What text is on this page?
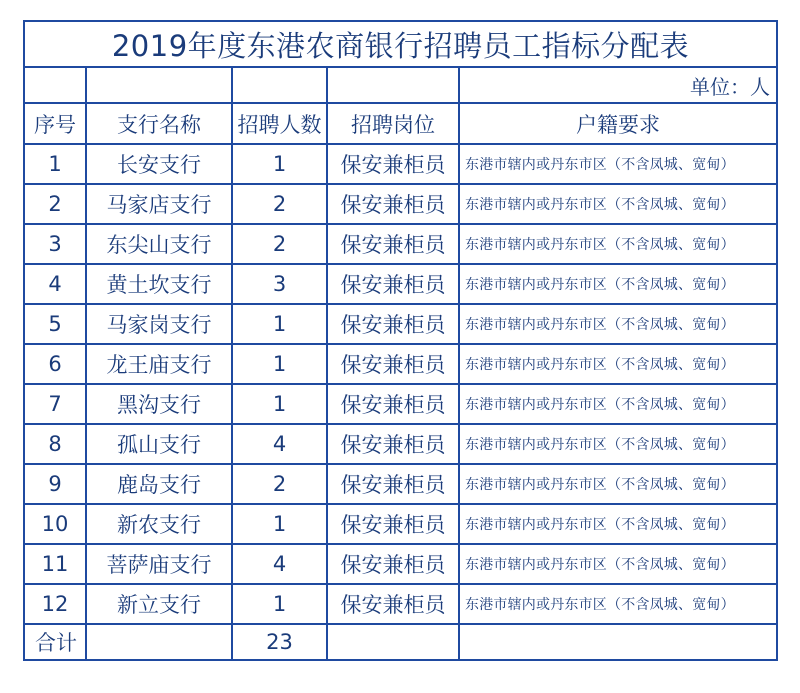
2019年度东港农商银行招聘员工指标分配表				
				单位：人
序号	支行名称	招聘人数	招聘岗位	户籍要求
1	长安支行	1	保安兼柜员	东港市辖内或丹东市区（不含凤城、宽甸）
2	马家店支行	2	保安兼柜员	东港市辖内或丹东市区（不含凤城、宽甸）
3	东尖山支行	2	保安兼柜员	东港市辖内或丹东市区（不含凤城、宽甸）
4	黄土坎支行	3	保安兼柜员	东港市辖内或丹东市区（不含凤城、宽甸）
5	马家岗支行	1	保安兼柜员	东港市辖内或丹东市区（不含凤城、宽甸）
6	龙王庙支行	1	保安兼柜员	东港市辖内或丹东市区（不含凤城、宽甸）
7	黑沟支行	1	保安兼柜员	东港市辖内或丹东市区（不含凤城、宽甸）
8	孤山支行	4	保安兼柜员	东港市辖内或丹东市区（不含凤城、宽甸）
9	鹿岛支行	2	保安兼柜员	东港市辖内或丹东市区（不含凤城、宽甸）
10	新农支行	1	保安兼柜员	东港市辖内或丹东市区（不含凤城、宽甸）
11	菩萨庙支行	4	保安兼柜员	东港市辖内或丹东市区（不含凤城、宽甸）
12	新立支行	1	保安兼柜员	东港市辖内或丹东市区（不含凤城、宽甸）
合计		23		
